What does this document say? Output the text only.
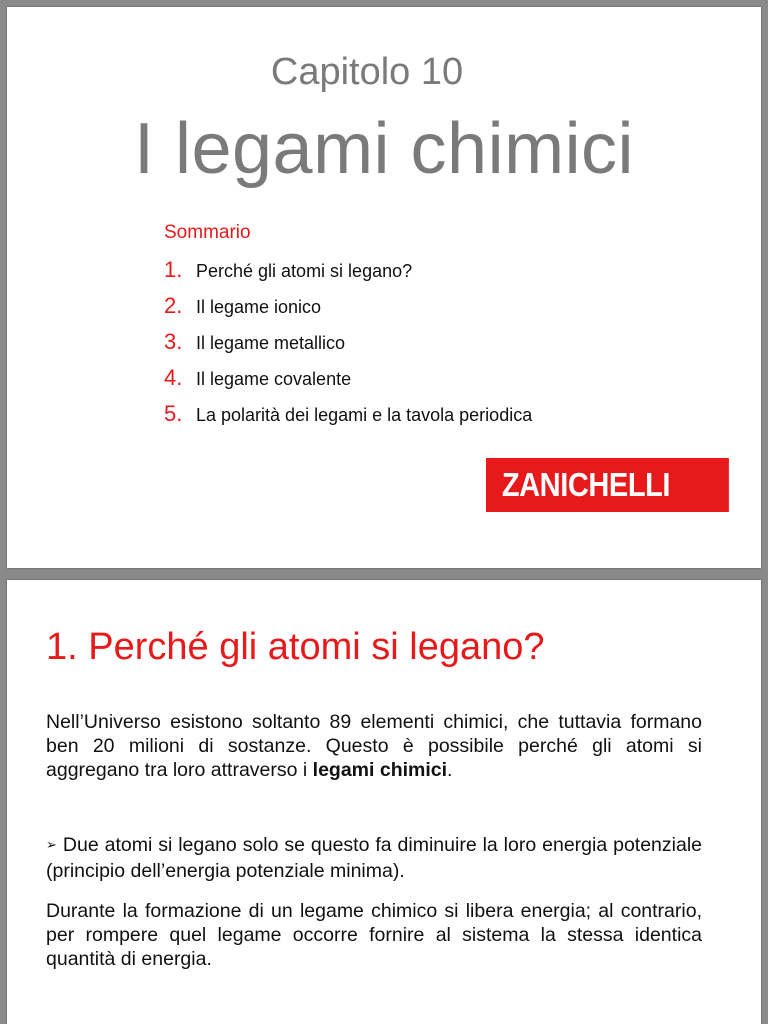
Capitolo 10
I legami chimici
Sommario
1. Perché gli atomi si legano?
2. Il legame ionico
3. Il legame metallico
4. Il legame covalente
5. La polarità dei legami e la tavola periodica
ZANICHELLI
1. Perché gli atomi si legano?

Nell’Universo esistono soltanto 89 elementi chimici, che tuttavia formano ben 20 milioni di sostanze. Questo è possibile perché gli atomi si aggregano tra loro attraverso i legami chimici.

➢ Due atomi si legano solo se questo fa diminuire la loro energia potenziale (principio dell’energia potenziale minima).

Durante la formazione di un legame chimico si libera energia; al contrario, per rompere quel legame occorre fornire al sistema la stessa identica quantità di energia.
